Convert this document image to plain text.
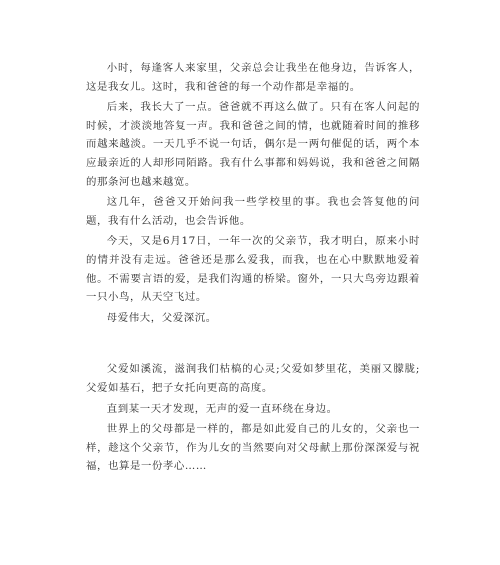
小时，每逢客人来家里，父亲总会让我坐在他身边，告诉客人，这是我女儿。这时，我和爸爸的每一个动作都是幸福的。

后来，我长大了一点。爸爸就不再这么做了。只有在客人问起的时候，才淡淡地答复一声。我和爸爸之间的情，也就随着时间的推移而越来越淡。一天几乎不说一句话，偶尔是一两句催促的话，两个本应最亲近的人却形同陌路。我有什么事都和妈妈说，我和爸爸之间隔的那条河也越来越宽。

这几年，爸爸又开始问我一些学校里的事。我也会答复他的问题，我有什么活动，也会告诉他。

今天，又是6月17日，一年一次的父亲节，我才明白，原来小时的情并没有走远。爸爸还是那么爱我，而我，也在心中默默地爱着他。不需要言语的爱，是我们沟通的桥梁。窗外，一只大鸟旁边跟着一只小鸟，从天空飞过。

母爱伟大，父爱深沉。

父爱如溪流，滋润我们枯槁的心灵;父爱如梦里花，美丽又朦胧;父爱如基石，把子女托向更高的高度。

直到某一天才发现，无声的爱一直环绕在身边。

世界上的父母都是一样的，都是如此爱自己的儿女的，父亲也一样，趁这个父亲节，作为儿女的当然要向对父母献上那份深深爱与祝福，也算是一份孝心……
